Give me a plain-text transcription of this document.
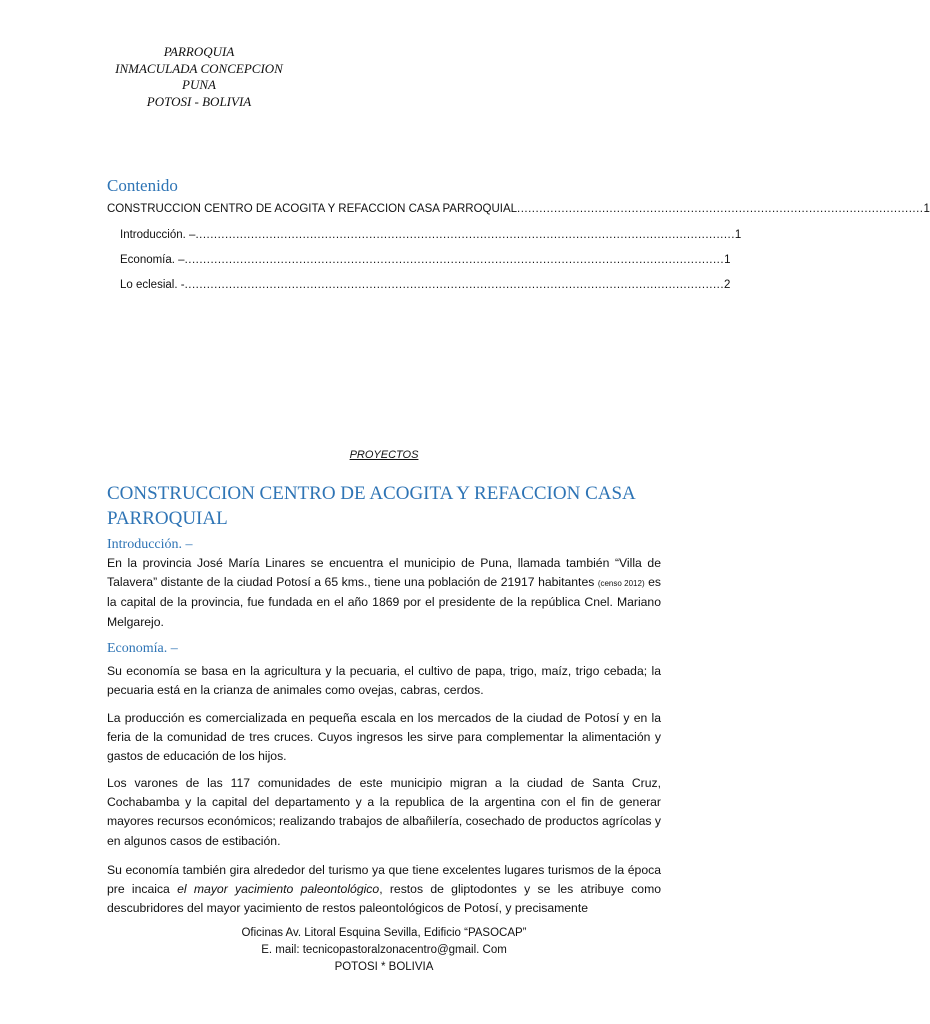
PARROQUIA
INMACULADA CONCEPCION
PUNA
POTOSI - BOLIVIA
Contenido
CONSTRUCCION CENTRO DE ACOGITA Y REFACCION CASA PARROQUIAL .............................................................................................................. 1
Introducción. – .................................................................................................................................................. 1
Economía. – .................................................................................................................................................. 1
Lo eclesial. - .................................................................................................................................................. 2
PROYECTOS
CONSTRUCCION CENTRO DE ACOGITA Y REFACCION CASA PARROQUIAL
Introducción. –
En la provincia José María Linares se encuentra el municipio de Puna, llamada también “Villa de Talavera” distante de la ciudad Potosí a 65 kms., tiene una población de 21917 habitantes (censo 2012) es la capital de la provincia, fue fundada en el año 1869 por el presidente de la república Cnel. Mariano Melgarejo.
Economía. –
Su economía se basa en la agricultura y la pecuaria, el cultivo de papa, trigo, maíz, trigo cebada; la pecuaria está en la crianza de animales como ovejas, cabras, cerdos.
La producción es comercializada en pequeña escala en los mercados de la ciudad de Potosí y en la feria de la comunidad de tres cruces. Cuyos ingresos les sirve para complementar la alimentación y gastos de educación de los hijos.
Los varones de las 117 comunidades de este municipio migran a la ciudad de Santa Cruz, Cochabamba y la capital del departamento y a la republica de la argentina con el fin de generar mayores recursos económicos; realizando trabajos de albañilería, cosechado de productos agrícolas y en algunos casos de estibación.
Su economía también gira alrededor del turismo ya que tiene excelentes lugares turismos de la época pre incaica el mayor yacimiento paleontológico, restos de gliptodontes y se les atribuye como descubridores del mayor yacimiento de restos paleontológicos de Potosí, y precisamente
Oficinas Av. Litoral Esquina Sevilla, Edificio “PASOCAP”
E. mail: tecnicopastoralzonacentro@gmail. Com
POTOSI * BOLIVIA
